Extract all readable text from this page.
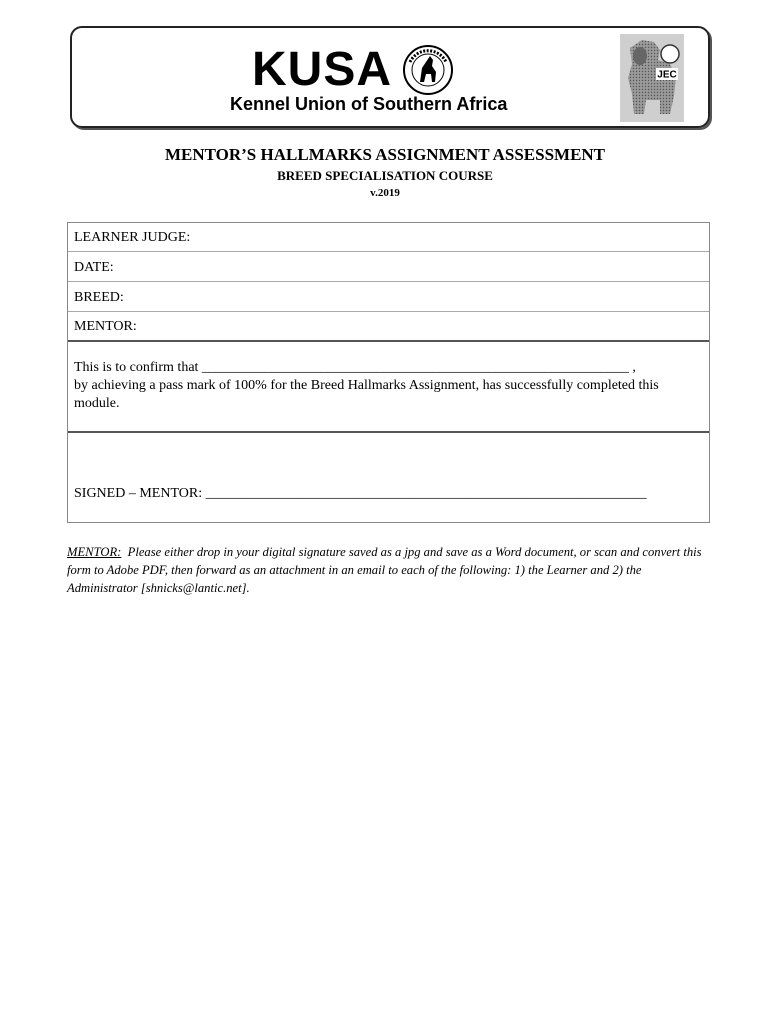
KUSA
Kennel Union of Southern Africa
JEC
MENTOR’S HALLMARKS ASSIGNMENT ASSESSMENT
BREED SPECIALISATION COURSE
v.2019
LEARNER JUDGE:
DATE:
BREED:
MENTOR:
This is to confirm that _____________________________________________________________ ,
by achieving a pass mark of 100% for the Breed Hallmarks Assignment, has successfully completed this module.
SIGNED – MENTOR: _______________________________________________________________
MENTOR: Please either drop in your digital signature saved as a jpg and save as a Word document, or scan and convert this form to Adobe PDF, then forward as an attachment in an email to each of the following: 1) the Learner and 2) the Administrator [shnicks@lantic.net].
